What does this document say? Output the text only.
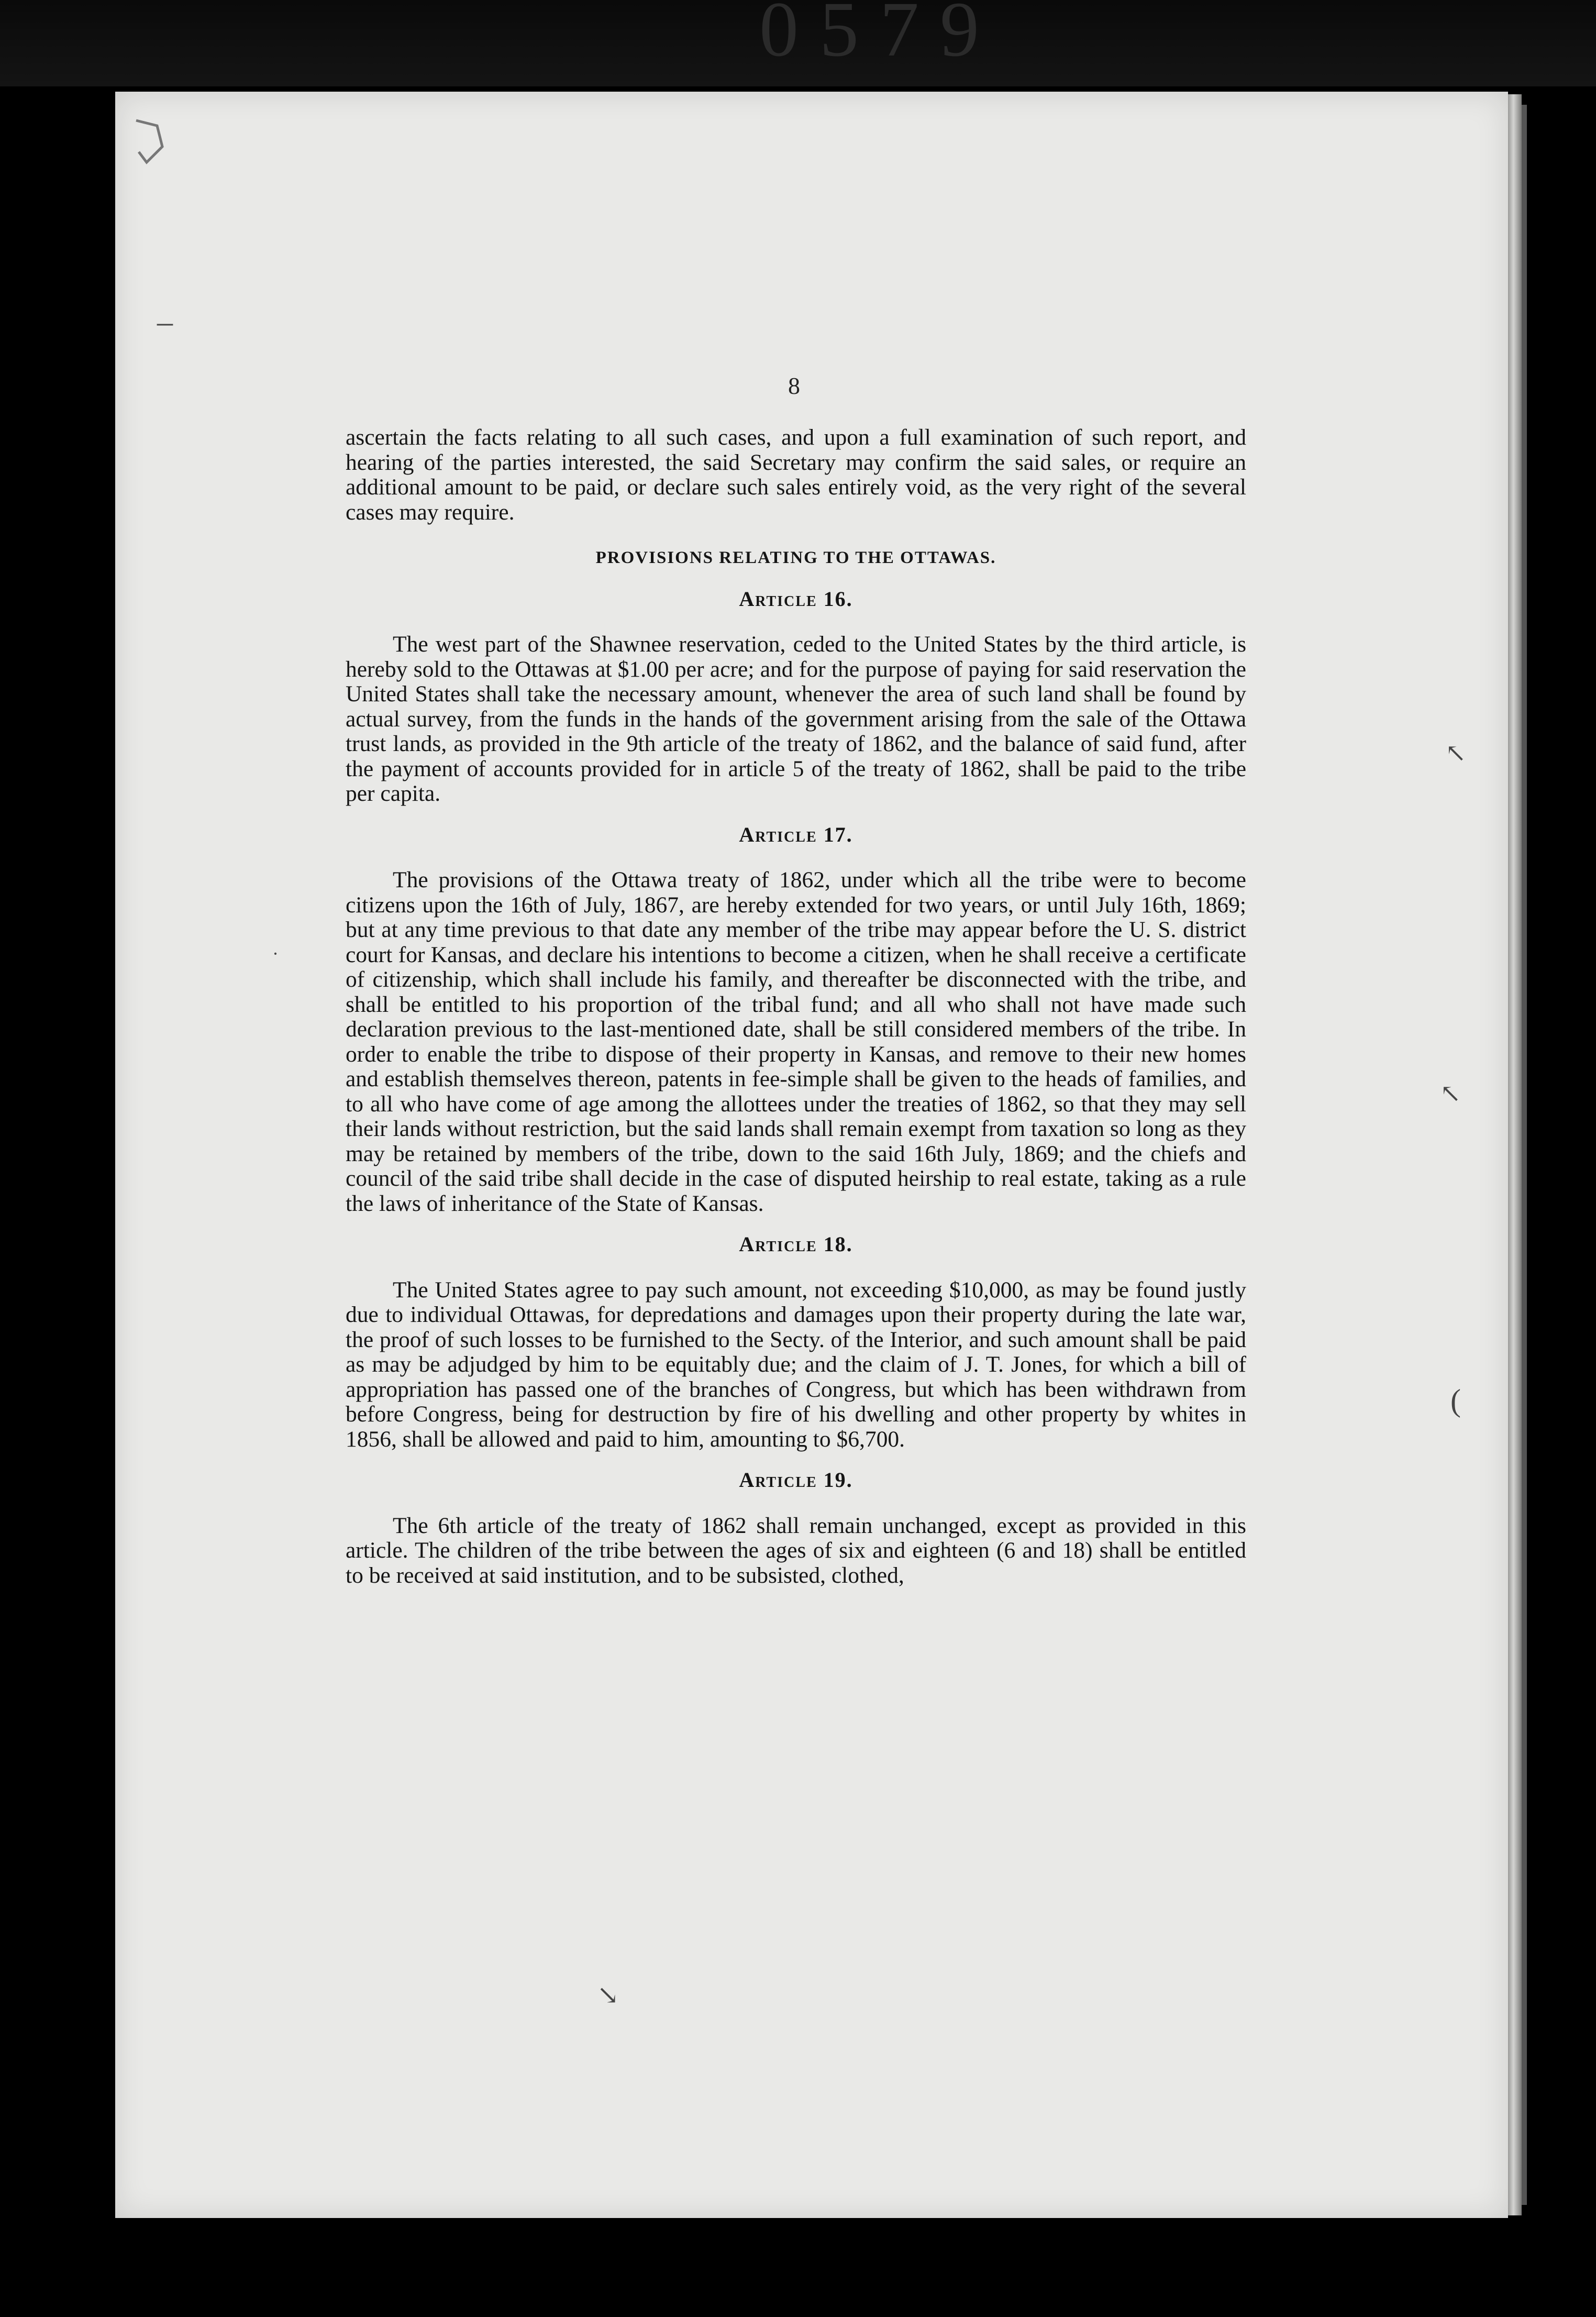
0579
–
↖
↖
(
·
↘
8

ascertain the facts relating to all such cases, and upon a full examination of such report, and hearing of the parties interested, the said Secretary may confirm the said sales, or require an additional amount to be paid, or declare such sales entirely void, as the very right of the several cases may require.

PROVISIONS RELATING TO THE OTTAWAS.
Article 16.

The west part of the Shawnee reservation, ceded to the United States by the third article, is hereby sold to the Ottawas at $1.00 per acre; and for the purpose of paying for said reservation the United States shall take the necessary amount, whenever the area of such land shall be found by actual survey, from the funds in the hands of the government arising from the sale of the Ottawa trust lands, as provided in the 9th article of the treaty of 1862, and the balance of said fund, after the payment of accounts provided for in article 5 of the treaty of 1862, shall be paid to the tribe per capita.

Article 17.

The provisions of the Ottawa treaty of 1862, under which all the tribe were to become citizens upon the 16th of July, 1867, are hereby extended for two years, or until July 16th, 1869; but at any time previous to that date any member of the tribe may appear before the U. S. district court for Kansas, and declare his intentions to become a citizen, when he shall receive a certificate of citizenship, which shall include his family, and thereafter be disconnected with the tribe, and shall be entitled to his proportion of the tribal fund; and all who shall not have made such declaration previous to the last-mentioned date, shall be still considered members of the tribe. In order to enable the tribe to dispose of their property in Kansas, and remove to their new homes and establish themselves thereon, patents in fee-simple shall be given to the heads of families, and to all who have come of age among the allottees under the treaties of 1862, so that they may sell their lands without restriction, but the said lands shall remain exempt from taxation so long as they may be retained by members of the tribe, down to the said 16th July, 1869; and the chiefs and council of the said tribe shall decide in the case of disputed heirship to real estate, taking as a rule the laws of inheritance of the State of Kansas.

Article 18.

The United States agree to pay such amount, not exceeding $10,000, as may be found justly due to individual Ottawas, for depredations and damages upon their property during the late war, the proof of such losses to be furnished to the Secty. of the Interior, and such amount shall be paid as may be adjudged by him to be equitably due; and the claim of J. T. Jones, for which a bill of appropriation has passed one of the branches of Congress, but which has been withdrawn from before Congress, being for destruction by fire of his dwelling and other property by whites in 1856, shall be allowed and paid to him, amounting to $6,700.

Article 19.

The 6th article of the treaty of 1862 shall remain unchanged, except as provided in this article. The children of the tribe between the ages of six and eighteen (6 and 18) shall be entitled to be received at said institution, and to be subsisted, clothed,
